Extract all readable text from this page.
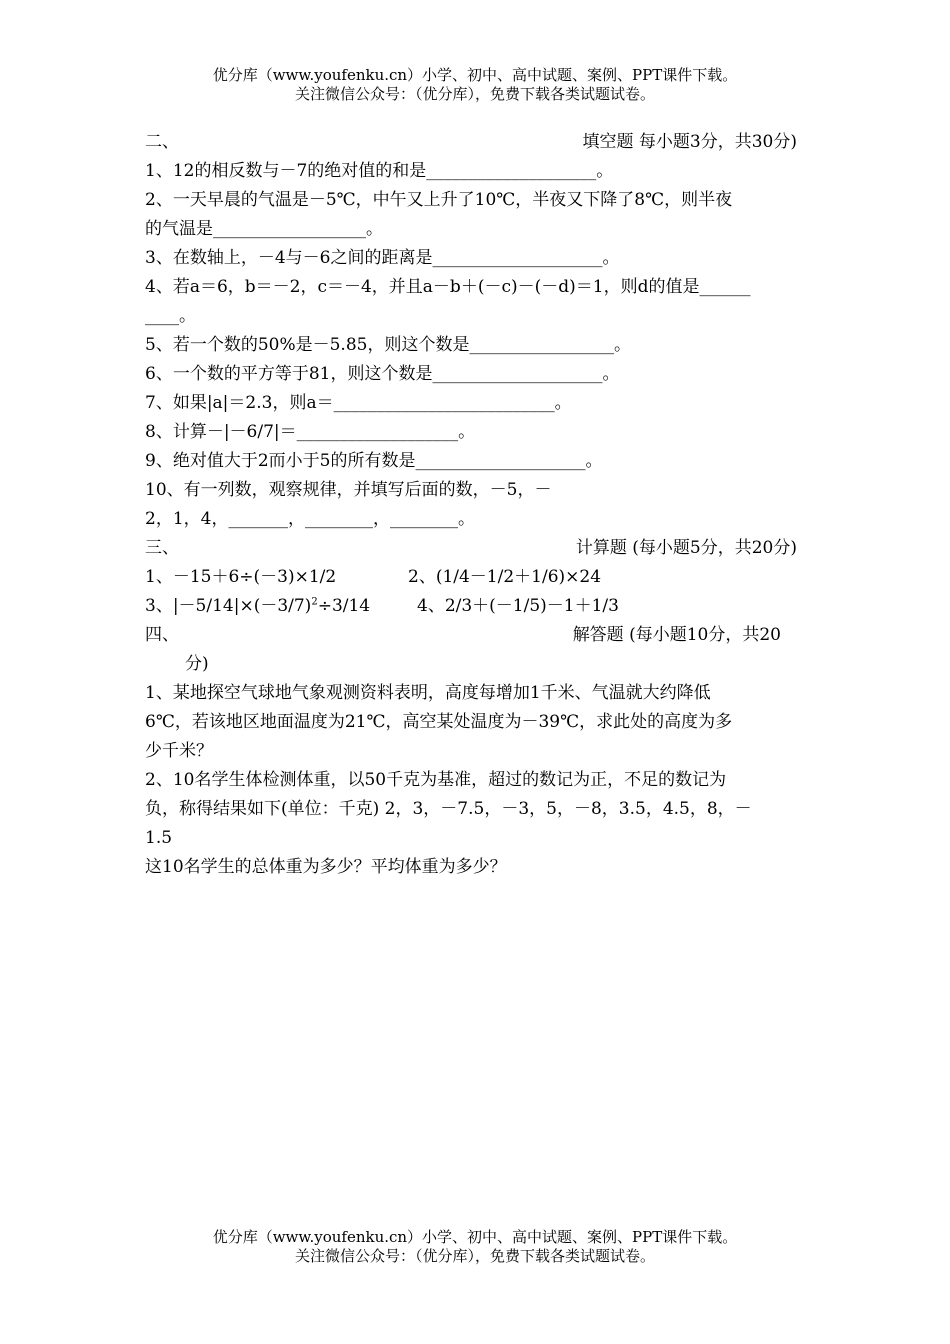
优分库（www.youfenku.cn）小学、初中、高中试题、案例、PPT课件下载。
关注微信公众号：（优分库），免费下载各类试题试卷。
二、	填空题 每小题3分，共30分)
1、12的相反数与－7的绝对值的和是____________________。
2、一天早晨的气温是－5℃，中午又上升了10℃，半夜又下降了8℃，则半夜
的气温是__________________。
3、在数轴上，－4与－6之间的距离是____________________。
4、若a＝6，b＝－2，c＝－4，并且a－b＋(－c)－(－d)＝1，则d的值是______
____。
5、若一个数的50%是－5.85，则这个数是_________________。
6、一个数的平方等于81，则这个数是____________________。
7、如果|a|＝2.3，则a＝__________________________。
8、计算－|－6/7|＝___________________。
9、绝对值大于2而小于5的所有数是____________________。
10、有一列数，观察规律，并填写后面的数，－5，－
2，1，4，_______，________，________。
三、	计算题 (每小题5分，共20分)
1、－15＋6÷(－3)×1/2	2、(1/4－1/2＋1/6)×24
3、$|-5/14|\times(-3/7)^2\div 3/14$	4、2/3＋(－1/5)－1＋1/3
四、	解答题 (每小题10分，共20
分)
1、某地探空气球地气象观测资料表明，高度每增加1千米、气温就大约降低
6℃，若该地区地面温度为21℃，高空某处温度为－39℃，求此处的高度为多
少千米？
2、10名学生体检测体重，以50千克为基准，超过的数记为正，不足的数记为
负，称得结果如下(单位：千克) 2，3，－7.5，－3，5，－8，3.5，4.5，8，－
1.5
这10名学生的总体重为多少？平均体重为多少？
优分库（www.youfenku.cn）小学、初中、高中试题、案例、PPT课件下载。
关注微信公众号：（优分库），免费下载各类试题试卷。
